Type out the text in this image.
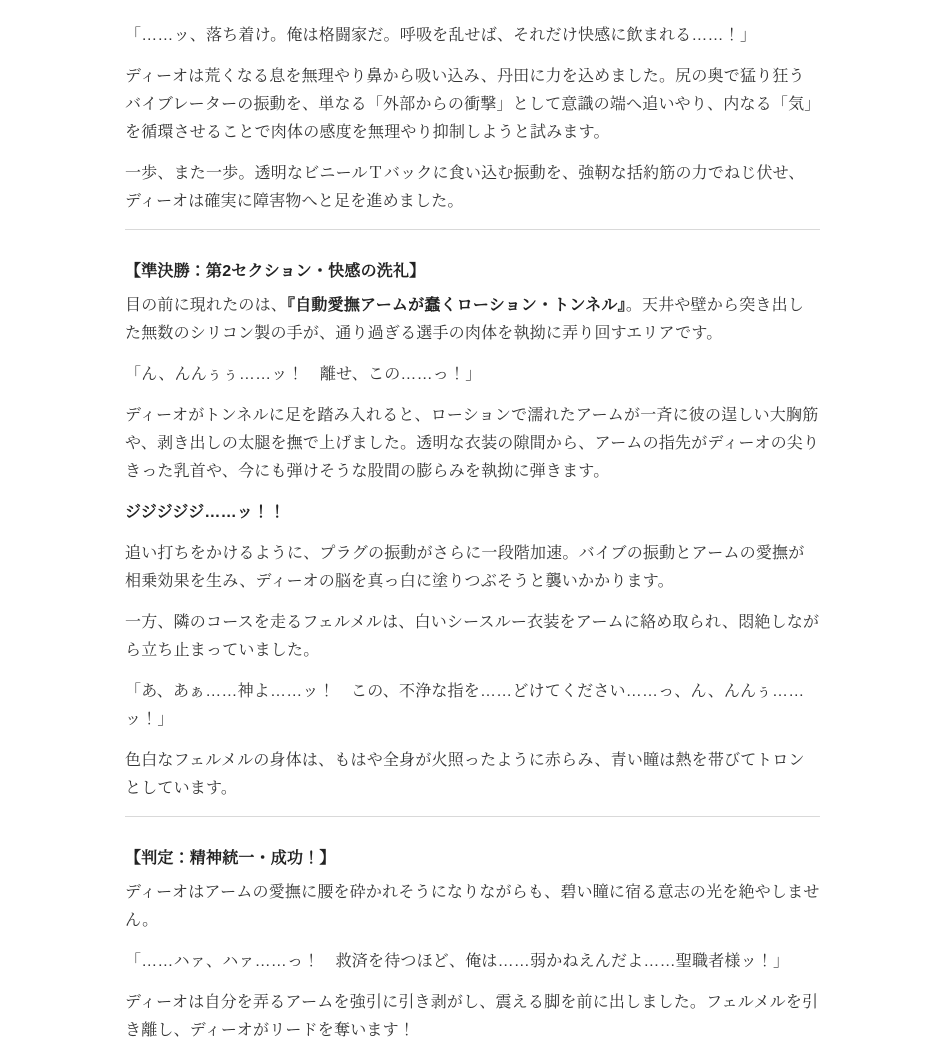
「……ッ、落ち着け。俺は格闘家だ。呼吸を乱せば、それだけ快感に飲まれる……！」

ディーオは荒くなる息を無理やり鼻から吸い込み、丹田に力を込めました。尻の奥で猛り狂うバイブレーターの振動を、単なる「外部からの衝撃」として意識の端へ追いやり、内なる「気」を循環させることで肉体の感度を無理やり抑制しようと試みます。

一歩、また一歩。透明なビニールＴバックに食い込む振動を、強靭な括約筋の力でねじ伏せ、ディーオは確実に障害物へと足を進めました。

【準決勝：第2セクション・快感の洗礼】

目の前に現れたのは、『自動愛撫アームが蠢くローション・トンネル』。天井や壁から突き出した無数のシリコン製の手が、通り過ぎる選手の肉体を執拗に弄り回すエリアです。

「ん、んんぅぅ……ッ！　離せ、この……っ！」

ディーオがトンネルに足を踏み入れると、ローションで濡れたアームが一斉に彼の逞しい大胸筋や、剥き出しの太腿を撫で上げました。透明な衣装の隙間から、アームの指先がディーオの尖りきった乳首や、今にも弾けそうな股間の膨らみを執拗に弾きます。

ジジジジジ……ッ！！

追い打ちをかけるように、プラグの振動がさらに一段階加速。バイブの振動とアームの愛撫が相乗効果を生み、ディーオの脳を真っ白に塗りつぶそうと襲いかかります。

一方、隣のコースを走るフェルメルは、白いシースルー衣装をアームに絡め取られ、悶絶しながら立ち止まっていました。

「あ、あぁ……神よ……ッ！　この、不浄な指を……どけてください……っ、ん、んんぅ……ッ！」

色白なフェルメルの身体は、もはや全身が火照ったように赤らみ、青い瞳は熱を帯びてトロンとしています。

【判定：精神統一・成功！】

ディーオはアームの愛撫に腰を砕かれそうになりながらも、碧い瞳に宿る意志の光を絶やしません。

「……ハァ、ハァ……っ！　救済を待つほど、俺は……弱かねえんだよ……聖職者様ッ！」

ディーオは自分を弄るアームを強引に引き剥がし、震える脚を前に出しました。フェルメルを引き離し、ディーオがリードを奪います！
